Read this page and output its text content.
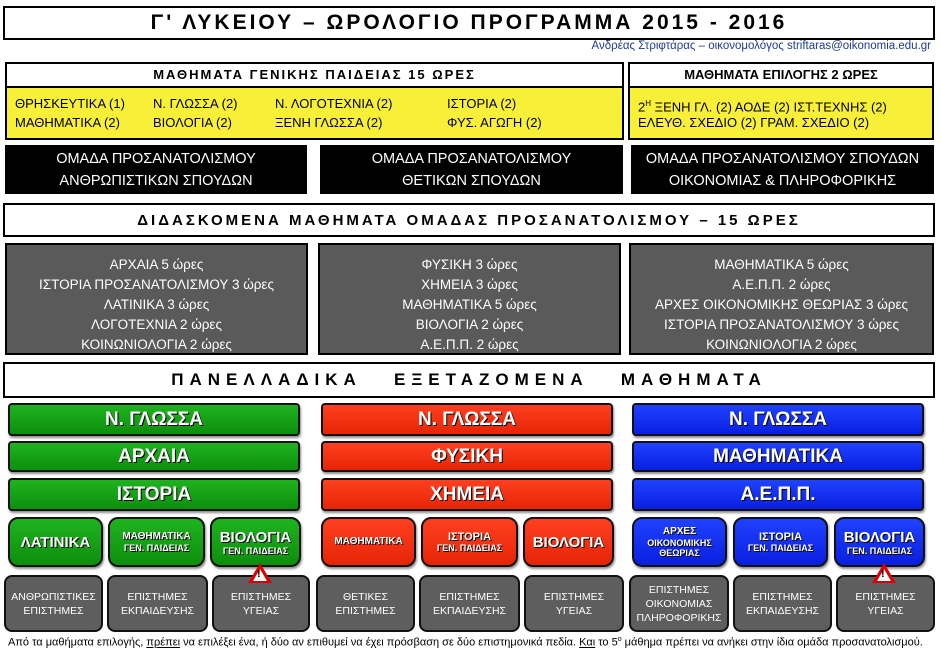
Γ' ΛΥΚΕΙΟΥ – ΩΡΟΛΟΓΙΟ ΠΡΟΓΡΑΜΜΑ 2015 - 2016
Ανδρέας Στριφτάρας – οικονομολόγος striftaras@oikonomia.edu.gr
ΜΑΘΗΜΑΤΑ ΓΕΝΙΚΗΣ ΠΑΙΔΕΙΑΣ 15 ΩΡΕΣ
ΘΡΗΣΚΕΥΤΙΚΑ (1) Ν. ΓΛΩΣΣΑ (2)	Ν. ΛΟΓΟΤΕΧΝΙΑ (2)	ΙΣΤΟΡΙΑ (2)
ΜΑΘΗΜΑΤΙΚΑ (2)	ΒΙΟΛΟΓΙΑ (2)	ΞΕΝΗ ΓΛΩΣΣΑ (2)	ΦΥΣ. ΑΓΩΓΗ (2)
ΜΑΘΗΜΑΤΑ ΕΠΙΛΟΓΗΣ 2 ΩΡΕΣ
$2^H$ ΞΕΝΗ ΓΛ. (2) ΑΟΔΕ (2) ΙΣΤ.ΤΕΧΝΗΣ (2)
ΕΛΕΥΘ. ΣΧΕΔΙΟ (2) ΓΡΑΜ. ΣΧΕΔΙΟ (2)
ΟΜΑΔΑ ΠΡΟΣΑΝΑΤΟΛΙΣΜΟΥ
ΑΝΘΡΩΠΙΣΤΙΚΩΝ ΣΠΟΥΔΩΝ
ΟΜΑΔΑ ΠΡΟΣΑΝΑΤΟΛΙΣΜΟΥ
ΘΕΤΙΚΩΝ ΣΠΟΥΔΩΝ
ΟΜΑΔΑ ΠΡΟΣΑΝΑΤΟΛΙΣΜΟΥ ΣΠΟΥΔΩΝ
ΟΙΚΟΝΟΜΙΑΣ & ΠΛΗΡΟΦΟΡΙΚΗΣ
ΔΙΔΑΣΚΟΜΕΝΑ ΜΑΘΗΜΑΤΑ ΟΜΑΔΑΣ ΠΡΟΣΑΝΑΤΟΛΙΣΜΟΥ – 15 ΩΡΕΣ
ΑΡΧΑΙΑ 5 ώρες
ΙΣΤΟΡΙΑ ΠΡΟΣΑΝΑΤΟΛΙΣΜΟΥ 3 ώρες
ΛΑΤΙΝΙΚΑ 3 ώρες
ΛΟΓΟΤΕΧΝΙΑ 2 ώρες
ΚΟΙΝΩΝΙΟΛΟΓΙΑ 2 ώρες
ΦΥΣΙΚΗ 3 ώρες
ΧΗΜΕΙΑ 3 ώρες
ΜΑΘΗΜΑΤΙΚΑ 5 ώρες
ΒΙΟΛΟΓΙΑ 2 ώρες
Α.Ε.Π.Π. 2 ώρες
ΜΑΘΗΜΑΤΙΚΑ 5 ώρες
Α.Ε.Π.Π. 2 ώρες
ΑΡΧΕΣ ΟΙΚΟΝΟΜΙΚΗΣ ΘΕΩΡΙΑΣ 3 ώρες
ΙΣΤΟΡΙΑ ΠΡΟΣΑΝΑΤΟΛΙΣΜΟΥ 3 ώρες
ΚΟΙΝΩΝΙΟΛΟΓΙΑ 2 ώρες
ΠΑΝΕΛΛΑΔΙΚΑ   ΕΞΕΤΑΖΟΜΕΝΑ   ΜΑΘΗΜΑΤΑ
Ν. ΓΛΩΣΣΑ
ΑΡΧΑΙΑ
ΙΣΤΟΡΙΑ
Ν. ΓΛΩΣΣΑ
ΦΥΣΙΚΗ
ΧΗΜΕΙΑ
Ν. ΓΛΩΣΣΑ
ΜΑΘΗΜΑΤΙΚΑ
Α.Ε.Π.Π.
ΛΑΤΙΝΙΚΑ	ΜΑΘΗΜΑΤΙΚΑ
ΓΕΝ. ΠΑΙΔΕΙΑΣ
ΒΙΟΛΟΓΙΑ
ΓΕΝ. ΠΑΙΔΕΙΑΣ
ΜΑΘΗΜΑΤΙΚΑ	ΙΣΤΟΡΙΑ
ΓΕΝ. ΠΑΙΔΕΙΑΣ ΒΙΟΛΟΓΙΑ
ΑΡΧΕΣ
ΟΙΚΟΝΟΜΙΚΗΣ ΘΕΩΡΙΑΣ
ΙΣΤΟΡΙΑ
ΓΕΝ. ΠΑΙΔΕΙΑΣ
ΒΙΟΛΟΓΙΑ
ΓΕΝ. ΠΑΙΔΕΙΑΣ
ΑΝΘΡΩΠΙΣΤΙΚΕΣ
ΕΠΙΣΤΗΜΕΣ
ΕΠΙΣΤΗΜΕΣ
ΕΚΠΑΙΔΕΥΣΗΣ
ΕΠΙΣΤΗΜΕΣ
ΥΓΕΙΑΣ
ΘΕΤΙΚΕΣ
ΕΠΙΣΤΗΜΕΣ
ΕΠΙΣΤΗΜΕΣ
ΕΚΠΑΙΔΕΥΣΗΣ
ΕΠΙΣΤΗΜΕΣ
ΥΓΕΙΑΣ
ΕΠΙΣΤΗΜΕΣ
ΟΙΚΟΝΟΜΙΑΣ
ΠΛΗΡΟΦΟΡΙΚΗΣ
ΕΠΙΣΤΗΜΕΣ
ΕΚΠΑΙΔΕΥΣΗΣ
ΕΠΙΣΤΗΜΕΣ
ΥΓΕΙΑΣ
!	!
Από τα μαθήματα επιλογής, πρέπει να επιλέξει ένα, ή δύο αν επιθυμεί να έχει πρόσβαση σε δύο επιστημονικά πεδία. Και το $5^o$ μάθημα πρέπει να ανήκει στην ίδια ομάδα προσανατολισμού.
